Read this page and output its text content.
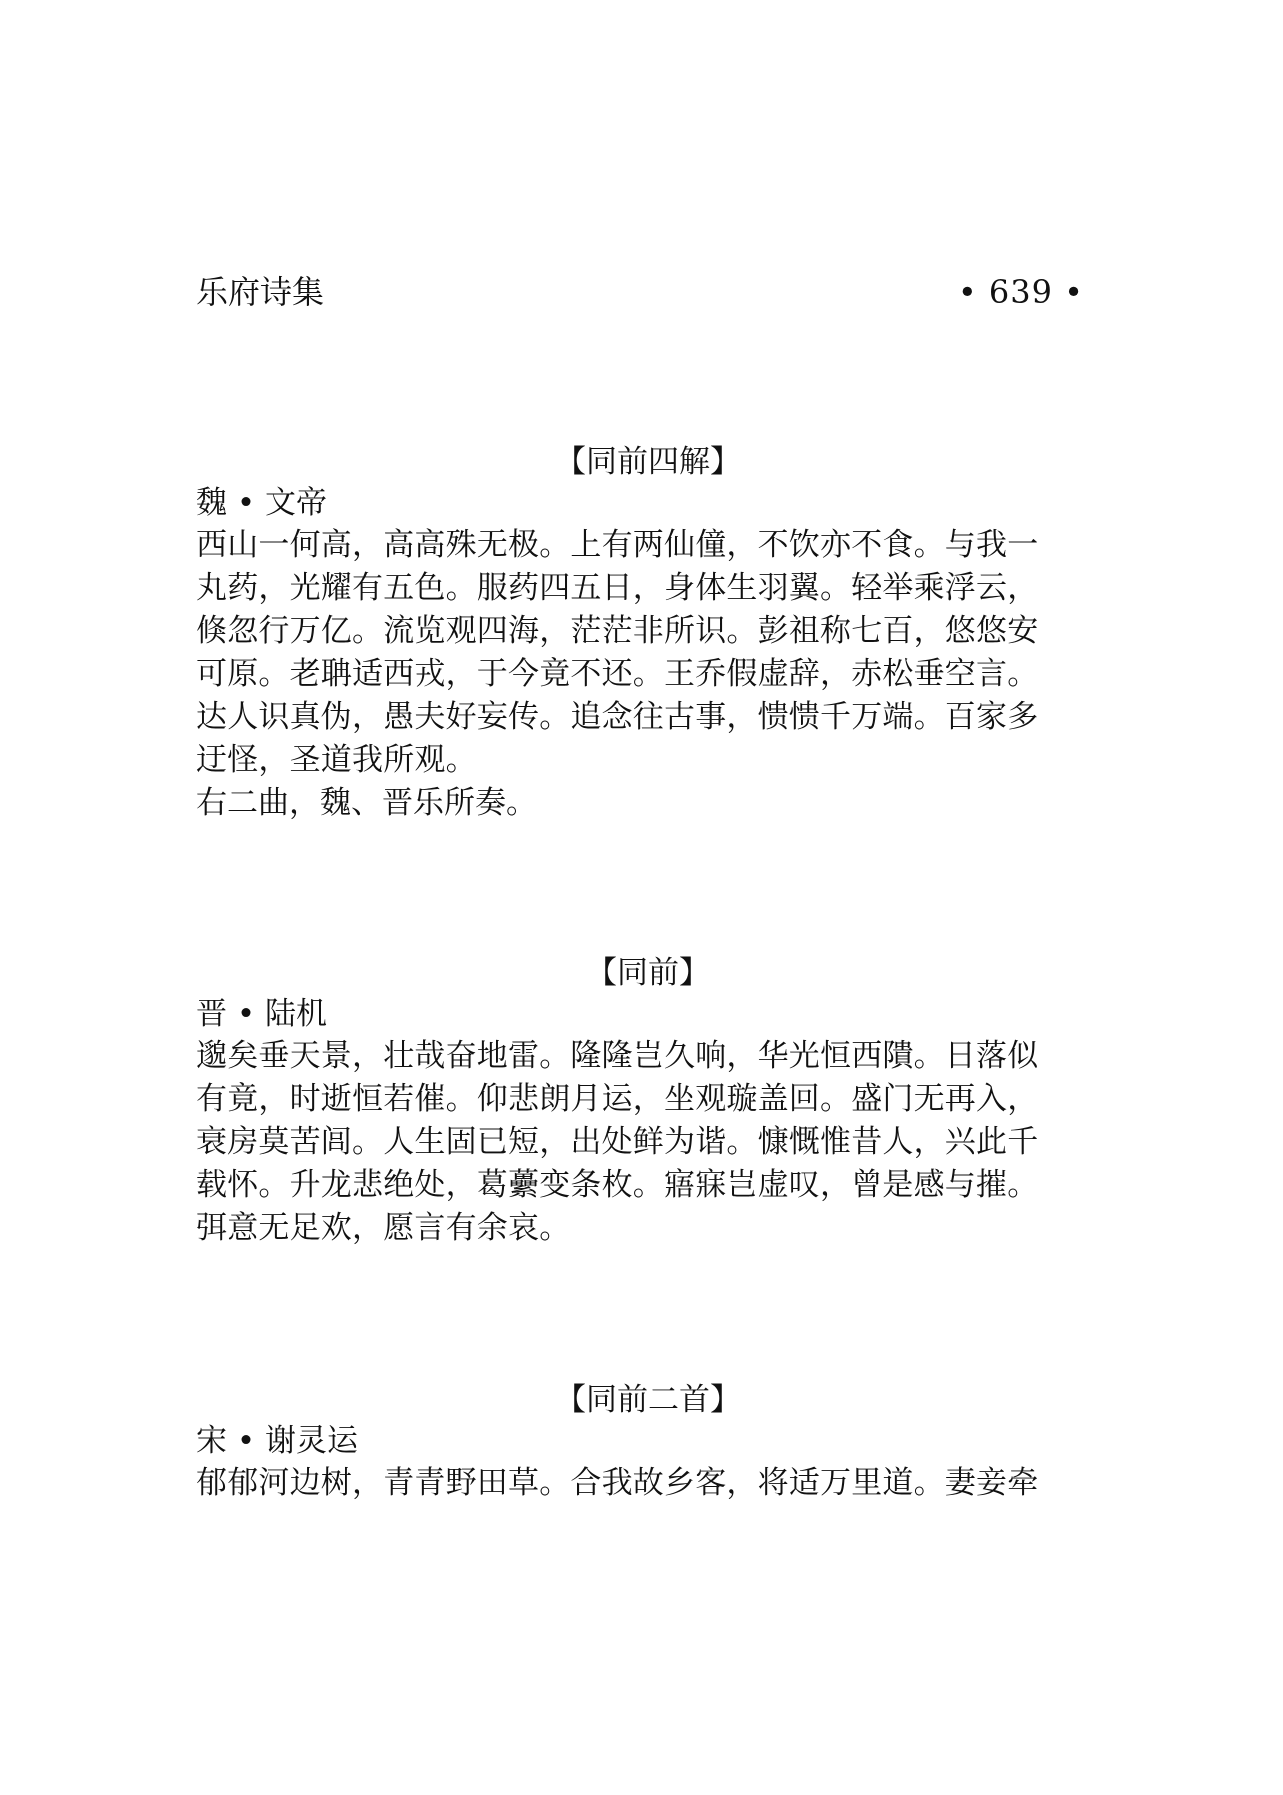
乐府诗集	• 639 •
【同前四解】
魏 • 文帝
西山一何高，高高殊无极。上有两仙僮，不饮亦不食。与我一
丸药，光耀有五色。服药四五日，身体生羽翼。轻举乘浮云，
倏忽行万亿。流览观四海，茫茫非所识。彭祖称七百，悠悠安
可原。老聃适西戎，于今竟不还。王乔假虚辞，赤松垂空言。
达人识真伪，愚夫好妄传。追念往古事，愦愦千万端。百家多
迂怪，圣道我所观。
右二曲，魏、晋乐所奏。
【同前】
晋 • 陆机
邈矣垂天景，壮哉奋地雷。隆隆岂久响，华光恒西隤。日落似
有竟，时逝恒若催。仰悲朗月运，坐观璇盖回。盛门无再入，
衰房莫苦闾。人生固已短，出处鲜为谐。慷慨惟昔人，兴此千
载怀。升龙悲绝处，葛虆变条枚。寤寐岂虚叹，曾是感与摧。
弭意无足欢，愿言有余哀。
【同前二首】
宋 • 谢灵运
郁郁河边树，青青野田草。合我故乡客，将适万里道。妻妾牵
